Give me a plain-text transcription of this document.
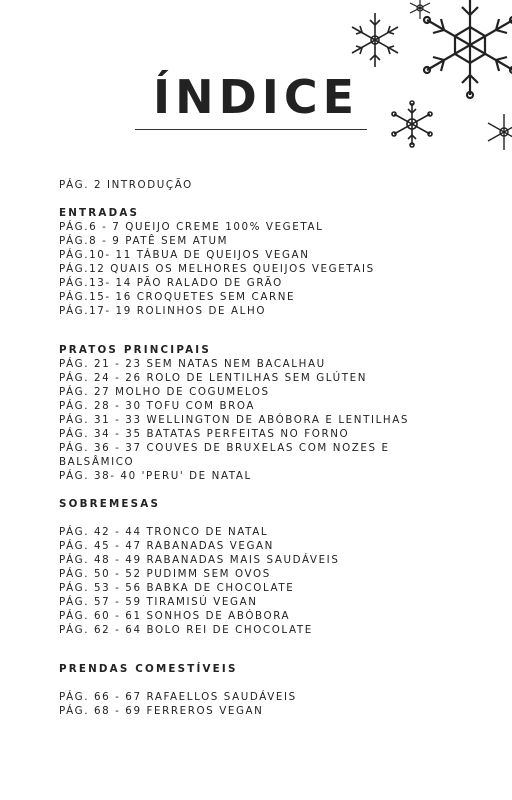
ÍNDICE
PÁG. 2 INTRODUÇÃO
ENTRADAS
PÁG.6 - 7 QUEIJO CREME 100% VEGETAL
PÁG.8 - 9 PATÊ SEM ATUM
PÁG.10- 11 TÁBUA DE QUEIJOS VEGAN
PÁG.12 QUAIS OS MELHORES QUEIJOS VEGETAIS
PÁG.13- 14 PÃO RALADO DE GRÃO
PÁG.15- 16 CROQUETES SEM CARNE
PÁG.17- 19 ROLINHOS DE ALHO
PRATOS PRINCIPAIS
PÁG. 21 - 23 SEM NATAS NEM BACALHAU
PÁG. 24 - 26 ROLO DE LENTILHAS SEM GLÚTEN
PÁG. 27 MOLHO DE COGUMELOS
PÁG. 28 - 30 TOFU COM BROA
PÁG. 31 - 33 WELLINGTON DE ABÓBORA E LENTILHAS
PÁG. 34 - 35 BATATAS PERFEITAS NO FORNO
PÁG. 36 - 37 COUVES DE BRUXELAS COM NOZES E BALSÂMICO
PÁG. 38- 40 'PERU' DE NATAL
SOBREMESAS
PÁG. 42 - 44 TRONCO DE NATAL
PÁG. 45 - 47 RABANADAS VEGAN
PÁG. 48 - 49 RABANADAS MAIS SAUDÁVEIS
PÁG. 50 - 52 PUDIMM SEM OVOS
PÁG. 53 - 56 BABKA DE CHOCOLATE
PÁG. 57 - 59 TIRAMISÚ VEGAN
PÁG. 60 - 61 SONHOS DE ABÓBORA
PÁG. 62 - 64 BOLO REI DE CHOCOLATE
PRENDAS COMESTÍVEIS
PÁG. 66 - 67 RAFAELLOS SAUDÁVEIS
PÁG. 68 - 69 FERREROS VEGAN
